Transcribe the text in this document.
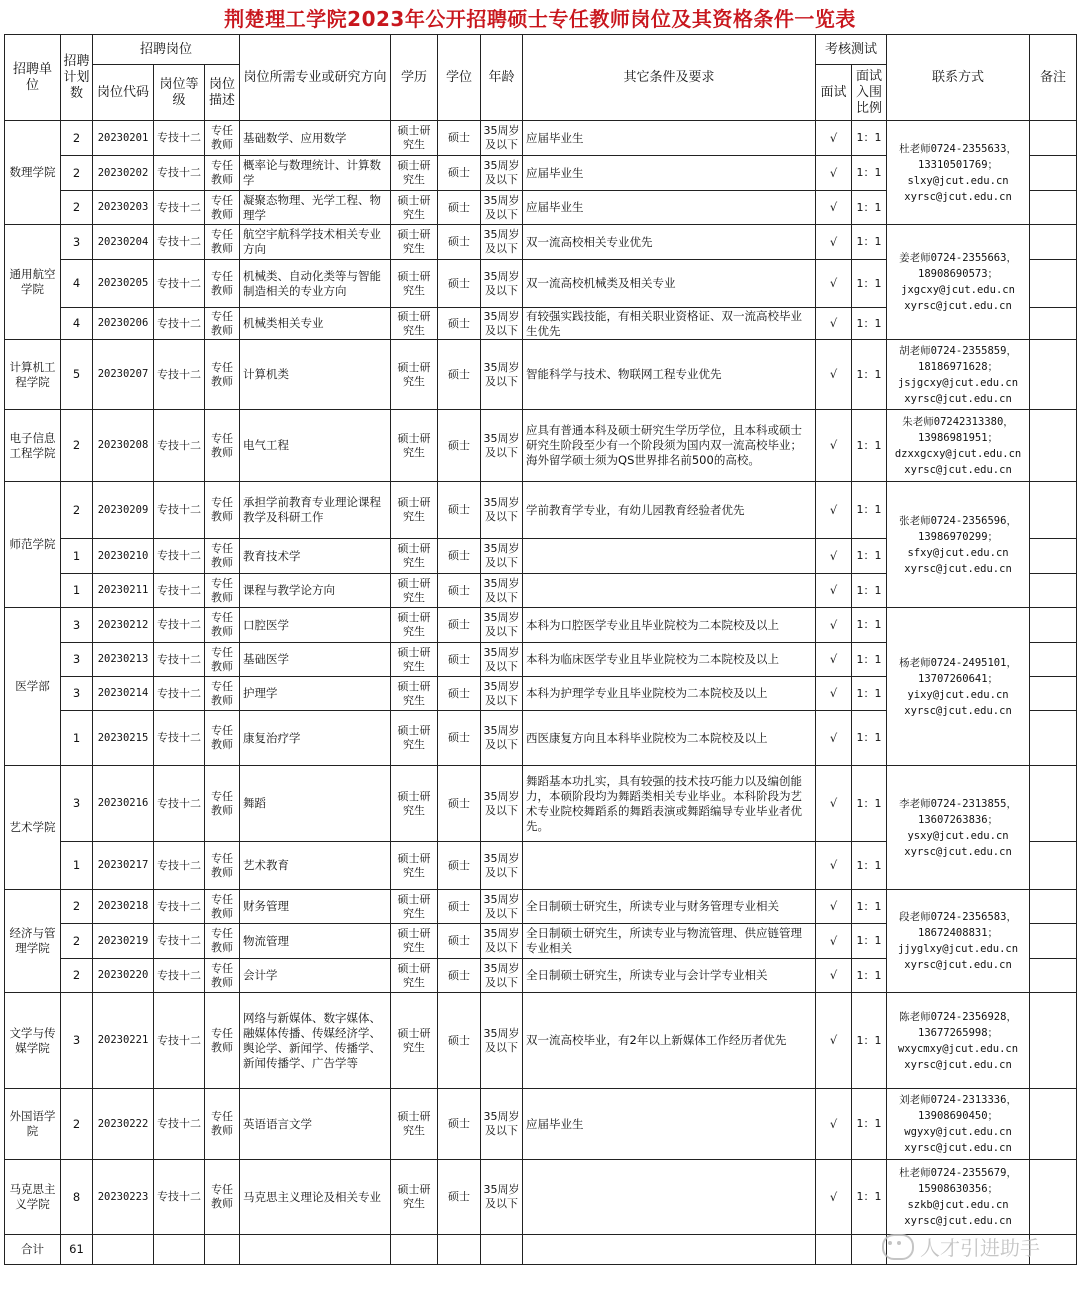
荆楚理工学院2023年公开招聘硕士专任教师岗位及其资格条件一览表
招聘单位	招聘计划数	招聘岗位			岗位所需专业或研究方向	学历	学位	年龄	其它条件及要求	考核测试		联系方式	备注
		岗位代码	岗位等级	岗位描述						面试	面试入围比例		
数理学院	2	20230201	专技十二	专任教师	基础数学、应用数学	硕士研究生	硕士	35周岁及以下	应届毕业生	√	1：1	杜老师0724-2355633，
13310501769；
slxy@jcut.edu.cn
xyrsc@jcut.edu.cn	

	2	20230202	专技十二	专任教师	概率论与数理统计、计算数学	硕士研究生	硕士	35周岁及以下	应届毕业生	√	1：1		
	2	20230203	专技十二	专任教师	凝聚态物理、光学工程、物理学	硕士研究生	硕士	35周岁及以下	应届毕业生	√	1：1		
通用航空学院	3	20230204	专技十二	专任教师	航空宇航科学技术相关专业方向	硕士研究生	硕士	35周岁及以下	双一流高校相关专业优先	√	1：1	姜老师0724-2355663，
18908690573；
jxgcxy@jcut.edu.cn
xyrsc@jcut.edu.cn	

	4	20230205	专技十二	专任教师	机械类、自动化类等与智能制造相关的专业方向	硕士研究生	硕士	35周岁及以下	双一流高校机械类及相关专业	√	1：1		
	4	20230206	专技十二	专任教师	机械类相关专业	硕士研究生	硕士	35周岁及以下	有较强实践技能，有相关职业资格证、双一流高校毕业生优先	√	1：1		
计算机工程学院	5	20230207	专技十二	专任教师	计算机类	硕士研究生	硕士	35周岁及以下	智能科学与技术、物联网工程专业优先	√	1：1	胡老师0724-2355859，
18186971628；
jsjgcxy@jcut.edu.cn
xyrsc@jcut.edu.cn	

电子信息工程学院	2	20230208	专技十二	专任教师	电气工程	硕士研究生	硕士	35周岁及以下	应具有普通本科及硕士研究生学历学位，且本科或硕士研究生阶段至少有一个阶段须为国内双一流高校毕业；海外留学硕士须为QS世界排名前500的高校。	√	1：1	朱老师07242313380，
13986981951；
dzxxgcxy@jcut.edu.cn
xyrsc@jcut.edu.cn	

师范学院	2	20230209	专技十二	专任教师	承担学前教育专业理论课程教学及科研工作	硕士研究生	硕士	35周岁及以下	学前教育学专业，有幼儿园教育经验者优先	√	1：1	张老师0724-2356596，
13986970299；
sfxy@jcut.edu.cn
xyrsc@jcut.edu.cn	

	1	20230210	专技十二	专任教师	教育技术学	硕士研究生	硕士	35周岁及以下		√	1：1		
	1	20230211	专技十二	专任教师	课程与教学论方向	硕士研究生	硕士	35周岁及以下		√	1：1		
医学部	3	20230212	专技十二	专任教师	口腔医学	硕士研究生	硕士	35周岁及以下	本科为口腔医学专业且毕业院校为二本院校及以上	√	1：1	杨老师0724-2495101，
13707260641；
yixy@jcut.edu.cn
xyrsc@jcut.edu.cn	

	3	20230213	专技十二	专任教师	基础医学	硕士研究生	硕士	35周岁及以下	本科为临床医学专业且毕业院校为二本院校及以上	√	1：1		
	3	20230214	专技十二	专任教师	护理学	硕士研究生	硕士	35周岁及以下	本科为护理学专业且毕业院校为二本院校及以上	√	1：1		
	1	20230215	专技十二	专任教师	康复治疗学	硕士研究生	硕士	35周岁及以下	西医康复方向且本科毕业院校为二本院校及以上	√	1：1		
艺术学院	3	20230216	专技十二	专任教师	舞蹈	硕士研究生	硕士	35周岁及以下	舞蹈基本功扎实，具有较强的技术技巧能力以及编创能力，本硕阶段均为舞蹈类相关专业毕业。本科阶段为艺术专业院校舞蹈系的舞蹈表演或舞蹈编导专业毕业者优先。	√	1：1	李老师0724-2313855，
13607263836；
ysxy@jcut.edu.cn
xyrsc@jcut.edu.cn	

	1	20230217	专技十二	专任教师	艺术教育	硕士研究生	硕士	35周岁及以下		√	1：1		
经济与管理学院	2	20230218	专技十二	专任教师	财务管理	硕士研究生	硕士	35周岁及以下	全日制硕士研究生，所读专业与财务管理专业相关	√	1：1	段老师0724-2356583，
18672408831；
jjyglxy@jcut.edu.cn
xyrsc@jcut.edu.cn	

	2	20230219	专技十二	专任教师	物流管理	硕士研究生	硕士	35周岁及以下	全日制硕士研究生，所读专业与物流管理、供应链管理专业相关	√	1：1		
	2	20230220	专技十二	专任教师	会计学	硕士研究生	硕士	35周岁及以下	全日制硕士研究生，所读专业与会计学专业相关	√	1：1		
文学与传媒学院	3	20230221	专技十二	专任教师	网络与新媒体、数字媒体、融媒体传播、传媒经济学、舆论学、新闻学、传播学、新闻传播学、广告学等	硕士研究生	硕士	35周岁及以下	双一流高校毕业，有2年以上新媒体工作经历者优先	√	1：1	陈老师0724-2356928，
13677265998；
wxycmxy@jcut.edu.cn
xyrsc@jcut.edu.cn	

外国语学院	2	20230222	专技十二	专任教师	英语语言文学	硕士研究生	硕士	35周岁及以下	应届毕业生	√	1：1	刘老师0724-2313336，
13908690450；
wgyxy@jcut.edu.cn
xyrsc@jcut.edu.cn	

马克思主义学院	8	20230223	专技十二	专任教师	马克思主义理论及相关专业	硕士研究生	硕士	35周岁及以下		√	1：1	杜老师0724-2355679，
15908630356；
szkb@jcut.edu.cn
xyrsc@jcut.edu.cn	

合计	61													人才引进助手
